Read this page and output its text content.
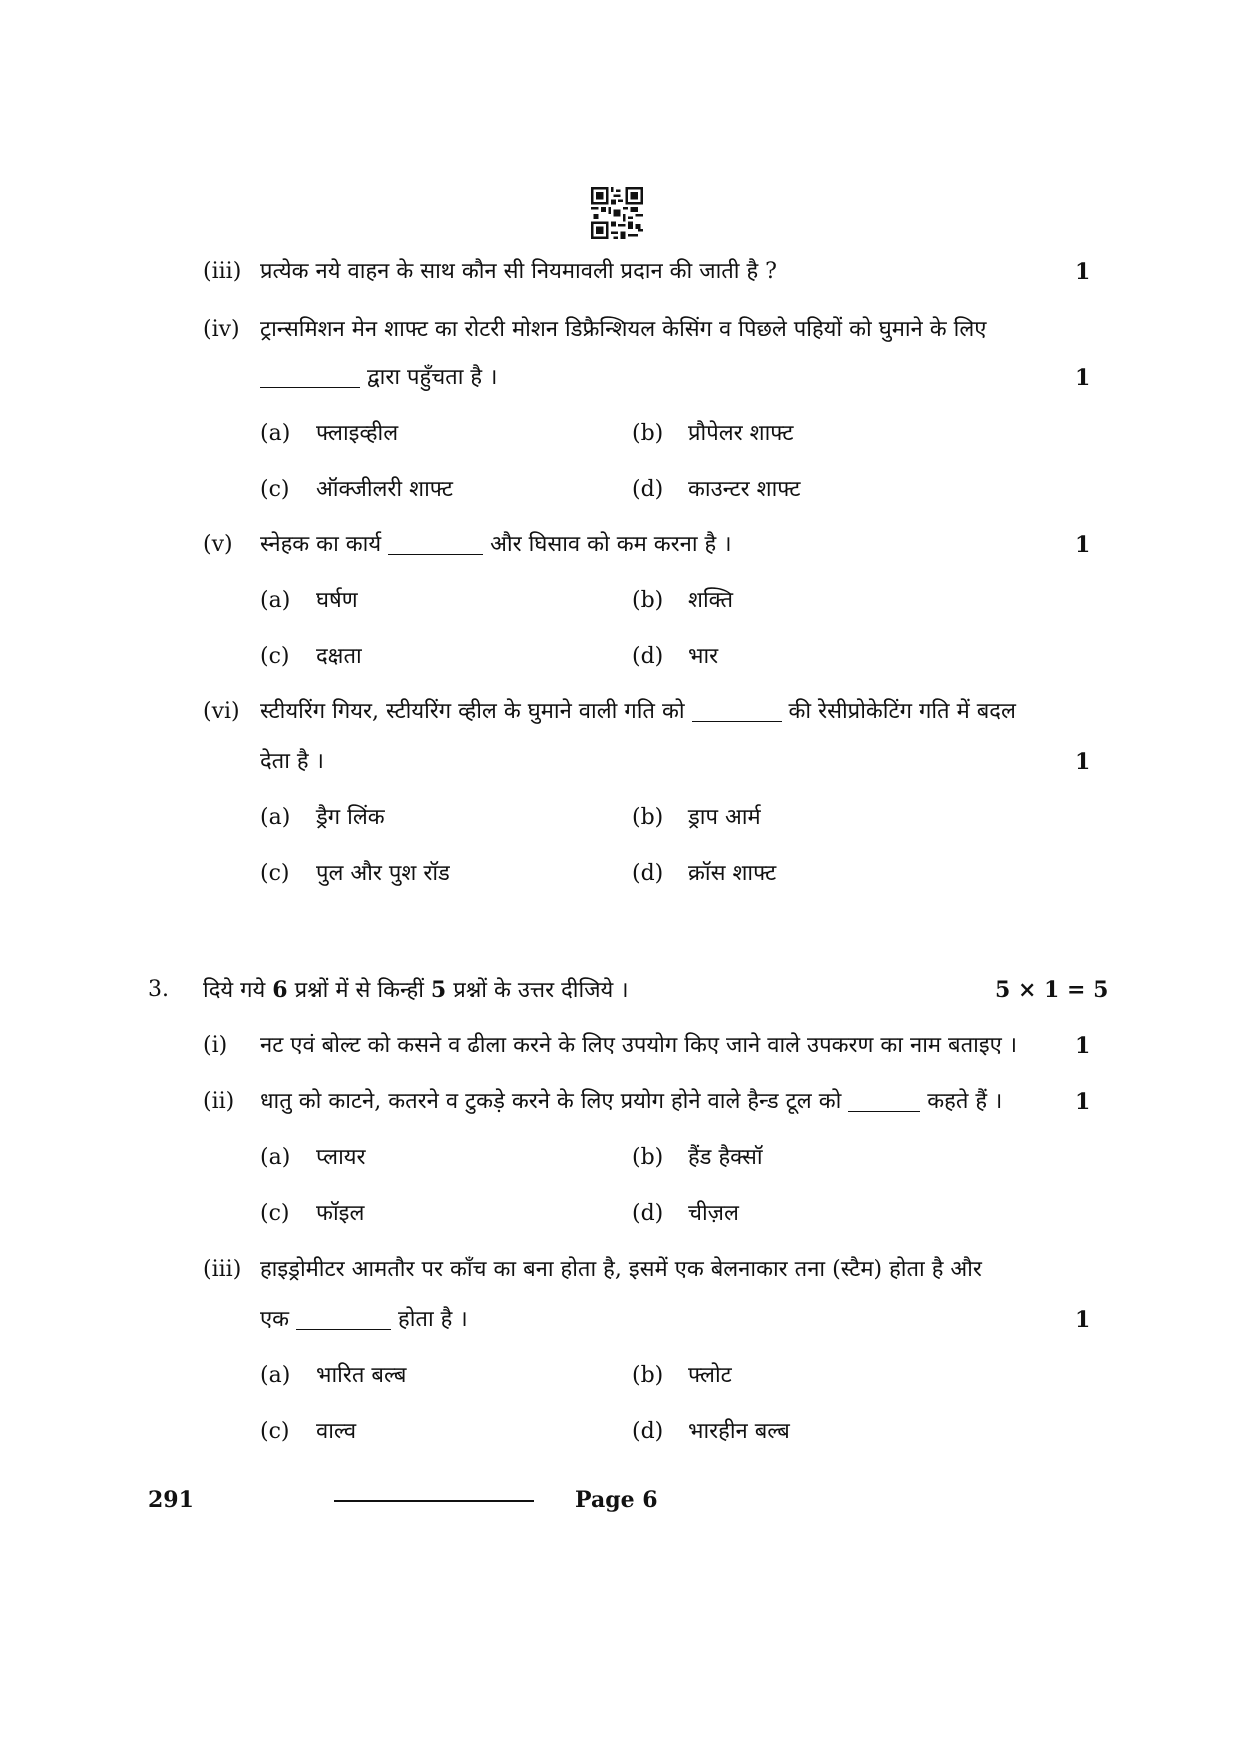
(iii) प्रत्येक नये वाहन के साथ कौन सी नियमावली प्रदान की जाती है ?	1
(iv) ट्रान्समिशन मेन शाफ्ट का रोटरी मोशन डिफ्रैन्शियल केसिंग व पिछले पहियों को घुमाने के लिए
द्वारा पहुँचता है ।	1
(a) फ्लाइव्हील	(b) प्रौपेलर शाफ्ट
(c) ऑक्जीलरी शाफ्ट	(d) काउन्टर शाफ्ट
(v) स्नेहक का कार्य	और घिसाव को कम करना है ।	1
(a) घर्षण	(b) शक्ति
(c) दक्षता	(d) भार
(vi) स्टीयरिंग गियर, स्टीयरिंग व्हील के घुमाने वाली गति को	की रेसीप्रोकेटिंग गति में बदल
देता है ।	1
(a) ड्रैग लिंक	(b) ड्राप आर्म
(c) पुल और पुश रॉड	(d) क्रॉस शाफ्ट
3. दिये गये 6 प्रश्नों में से किन्हीं 5 प्रश्नों के उत्तर दीजिये ।	5 × 1 = 5
(i) नट एवं बोल्ट को कसने व ढीला करने के लिए उपयोग किए जाने वाले उपकरण का नाम बताइए ।	1
(ii) धातु को काटने, कतरने व टुकड़े करने के लिए प्रयोग होने वाले हैन्ड टूल को	कहते हैं ।	1
(a) प्लायर	(b) हैंड हैक्सॉ
(c) फॉइल	(d) चीज़ल
(iii) हाइड्रोमीटर आमतौर पर काँच का बना होता है, इसमें एक बेलनाकार तना (स्टैम) होता है और
एक	होता है ।	1
(a) भारित बल्ब	(b) फ्लोट
(c) वाल्व	(d) भारहीन बल्ब
291	Page 6
